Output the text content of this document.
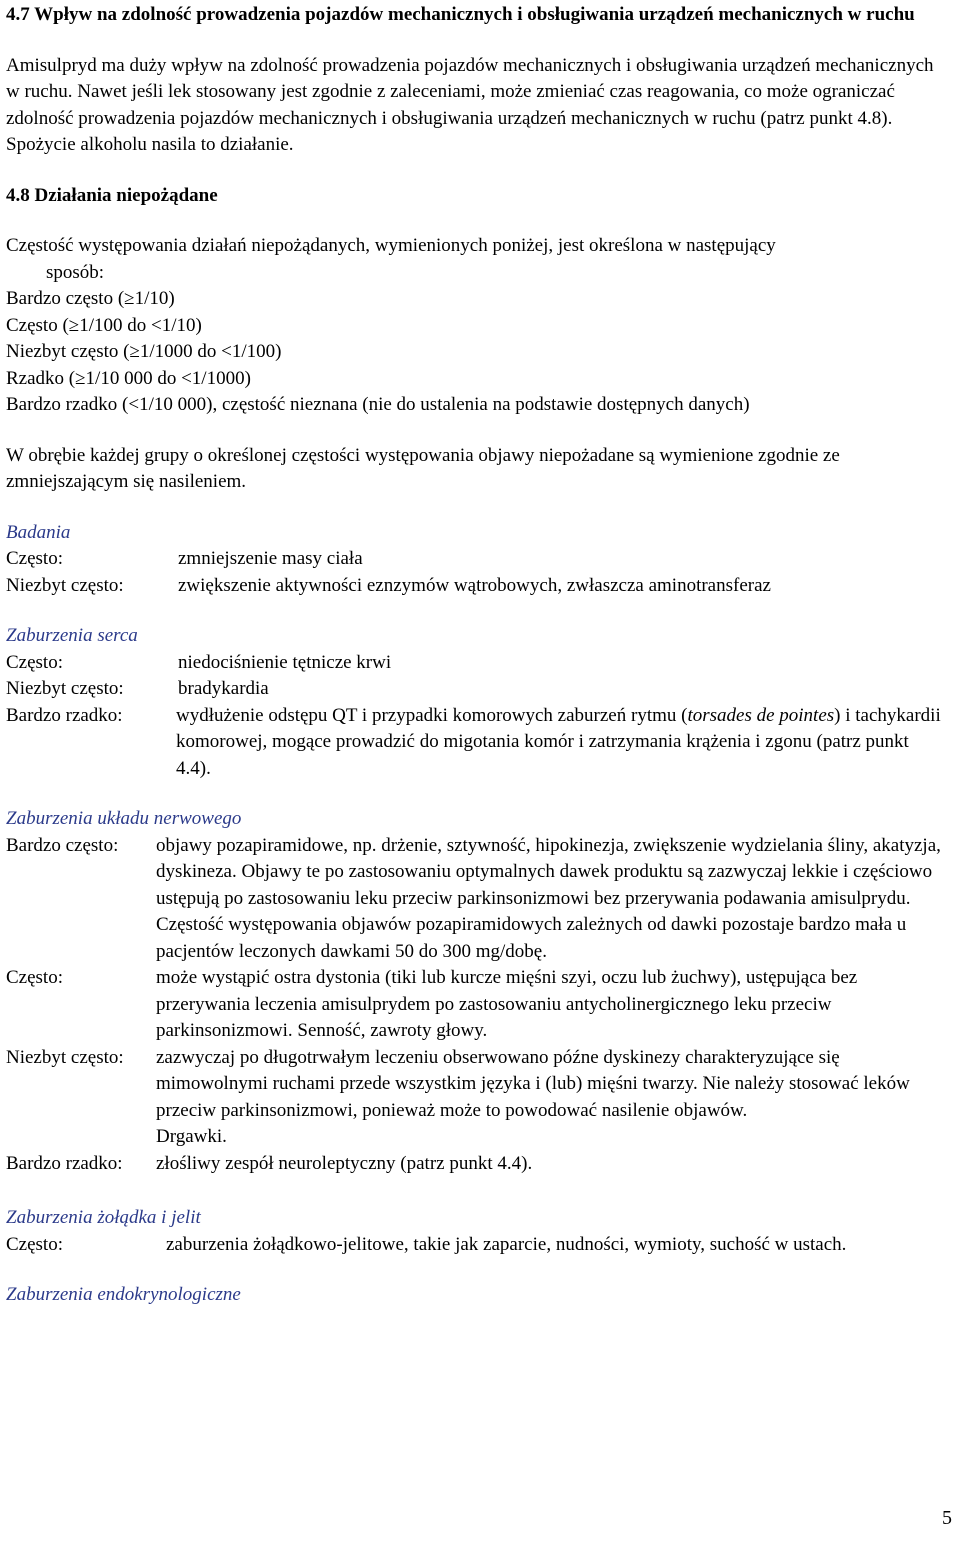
4.7 Wpływ na zdolność prowadzenia pojazdów mechanicznych i obsługiwania urządzeń mechanicznych w ruchu

Amisulpryd ma duży wpływ na zdolność prowadzenia pojazdów mechanicznych i obsługiwania urządzeń mechanicznych w ruchu. Nawet jeśli lek stosowany jest zgodnie z zaleceniami, może zmieniać czas reagowania, co może ograniczać zdolność prowadzenia pojazdów mechanicznych i obsługiwania urządzeń mechanicznych w ruchu (patrz punkt 4.8). Spożycie alkoholu nasila to działanie.

4.8 Działania niepożądane

Częstość występowania działań niepożądanych, wymienionych poniżej, jest określona w następujący
sposób:

Bardzo często (≥1/10)

Często (≥1/100 do <1/10)

Niezbyt często (≥1/1000 do <1/100)

Rzadko (≥1/10 000 do <1/1000)

Bardzo rzadko (<1/10 000), częstość nieznana (nie do ustalenia na podstawie dostępnych danych)

W obrębie każdej grupy o określonej częstości występowania objawy niepożadane są wymienione zgodnie ze zmniejszającym się nasileniem.

Badania

Często:	zmniejszenie masy ciała
Niezbyt często:	zwiększenie aktywności eznzymów wątrobowych, zwłaszcza aminotransferaz

Zaburzenia serca

Często:	niedociśnienie tętnicze krwi
Niezbyt często:	bradykardia
Bardzo rzadko:	wydłużenie odstępu QT i przypadki komorowych zaburzeń rytmu (torsades de pointes) i tachykardii komorowej, mogące prowadzić do migotania komór i zatrzymania krążenia i zgonu (patrz punkt 4.4).

Zaburzenia układu nerwowego

Bardzo często:	objawy pozapiramidowe, np. drżenie, sztywność, hipokinezja, zwiększenie wydzielania śliny, akatyzja, dyskineza. Objawy te po zastosowaniu optymalnych dawek produktu są zazwyczaj lekkie i częściowo ustępują po zastosowaniu leku przeciw parkinsonizmowi bez przerywania podawania amisulprydu. Częstość występowania objawów pozapiramidowych zależnych od dawki pozostaje bardzo mała u pacjentów leczonych dawkami 50 do 300 mg/dobę.
Często:	może wystąpić ostra dystonia (tiki lub kurcze mięśni szyi, oczu lub żuchwy), ustępująca bez przerywania leczenia amisulprydem po zastosowaniu antycholinergicznego leku przeciw parkinsonizmowi. Senność, zawroty głowy.
Niezbyt często:	zazwyczaj po długotrwałym leczeniu obserwowano późne dyskinezy charakteryzujące się mimowolnymi ruchami przede wszystkim języka i (lub) mięśni twarzy. Nie należy stosować leków przeciw parkinsonizmowi, ponieważ może to powodować nasilenie objawów.
Drgawki.
Bardzo rzadko:	złośliwy zespół neuroleptyczny (patrz punkt 4.4).

Zaburzenia żołądka i jelit

Często:	zaburzenia żołądkowo-jelitowe, takie jak zaparcie, nudności, wymioty, suchość w ustach.

Zaburzenia endokrynologiczne

5
